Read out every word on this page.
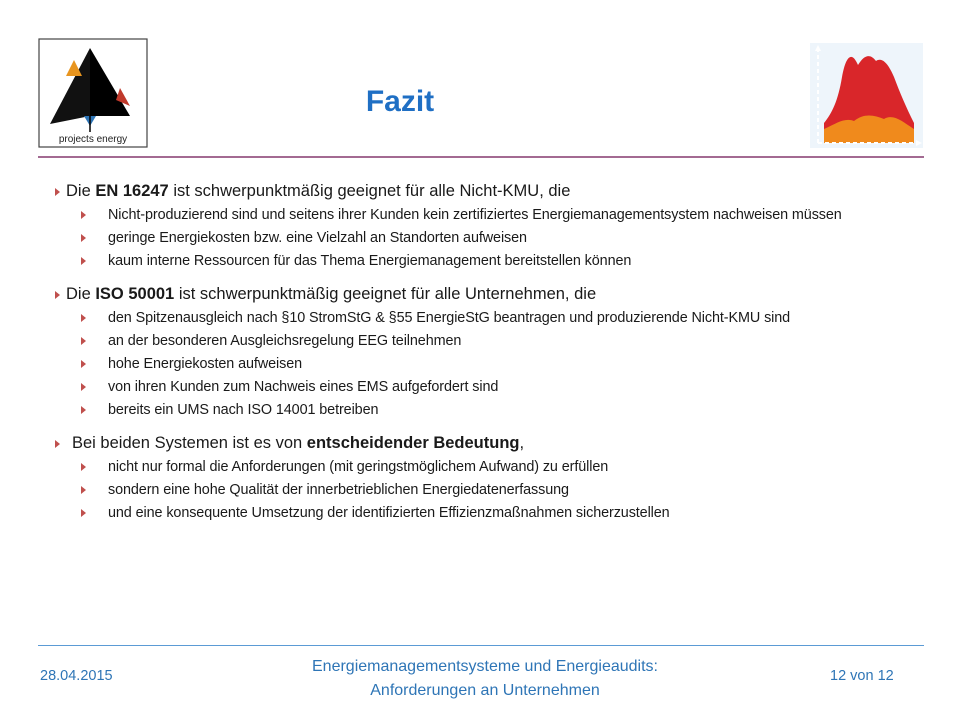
projects energy
Fazit
Die EN 16247 ist schwerpunktmäßig geeignet für alle Nicht-KMU, die
Nicht-produzierend sind und seitens ihrer Kunden kein zertifiziertes Energiemanagementsystem nachweisen müssen
geringe Energiekosten bzw. eine Vielzahl an Standorten aufweisen
kaum interne Ressourcen für das Thema Energiemanagement bereitstellen können
Die ISO 50001 ist schwerpunktmäßig geeignet für alle Unternehmen, die
den Spitzenausgleich nach §10 StromStG & §55 EnergieStG beantragen und produzierende Nicht-KMU sind
an der besonderen Ausgleichsregelung EEG teilnehmen
hohe Energiekosten aufweisen
von ihren Kunden zum Nachweis eines EMS aufgefordert sind
bereits ein UMS nach ISO 14001 betreiben
Bei beiden Systemen ist es von entscheidender Bedeutung,
nicht nur formal die Anforderungen (mit geringstmöglichem Aufwand) zu erfüllen
sondern eine hohe Qualität der innerbetrieblichen Energiedatenerfassung
und eine konsequente Umsetzung der identifizierten Effizienzmaßnahmen sicherzustellen
28.04.2015
Energiemanagementsysteme und Energieaudits:
Anforderungen an Unternehmen
12 von 12
